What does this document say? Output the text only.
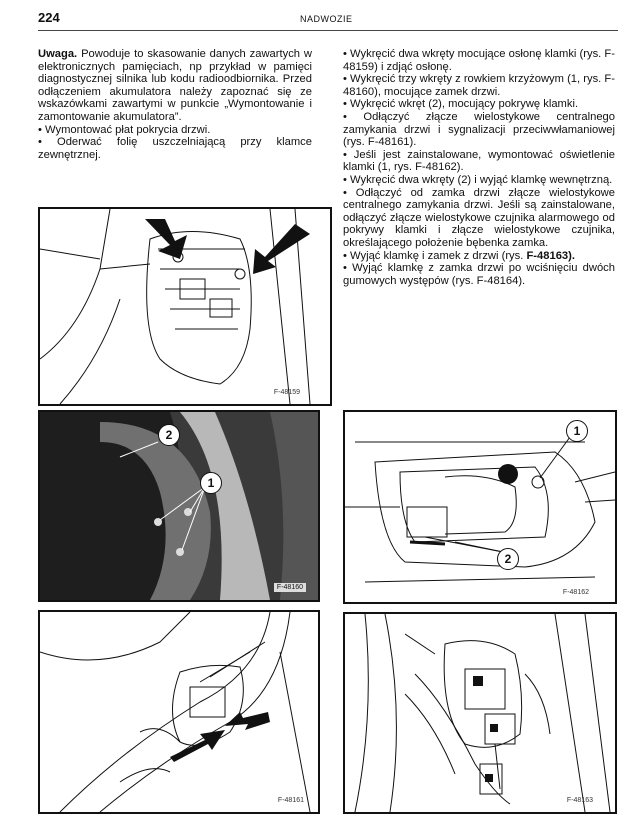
224	NADWOZIE

Uwaga. Powoduje to skasowanie danych zawartych w elektronicznych pamięciach, np przykład w pamięci diagnostycznej silnika lub kodu radioodbiornika. Przed odłączeniem akumulatora należy zapoznać się ze wskazówkami zawartymi w punkcie „Wymontowanie i zamontowanie akumulatora”.

• Wymontować płat pokrycia drzwi.
• Oderwać folię uszczelniającą przy klamce zewnętrznej.
• Wykręcić dwa wkręty mocujące osłonę klamki (rys. F-48159) i zdjąć osłonę.
• Wykręcić trzy wkręty z rowkiem krzyżowym (1, rys. F-48160), mocujące zamek drzwi.
• Wykręcić wkręt (2), mocujący pokrywę klamki.
• Odłączyć złącze wielostykowe centralnego zamykania drzwi i sygnalizacji przeciwwłamaniowej (rys. F-48161).
• Jeśli jest zainstalowane, wymontować oświetlenie klamki (1, rys. F-48162).
• Wykręcić dwa wkręty (2) i wyjąć klamkę wewnętrzną.
• Odłączyć od zamka drzwi złącze wielostykowe centralnego zamykania drzwi. Jeśli są zainstalowane, odłączyć złącze wielostykowe czujnika alarmowego od pokrywy klamki i złącze wielostykowe czujnika, określającego położenie bębenka zamka.
• Wyjąć klamkę i zamek z drzwi (rys. F-48163).
• Wyjąć klamkę z zamka drzwi po wciśnięciu dwóch gumowych występów (rys. F-48164).
F-48159
2
1
F-48160
1
2
F-48162
F-48161	F-48163
